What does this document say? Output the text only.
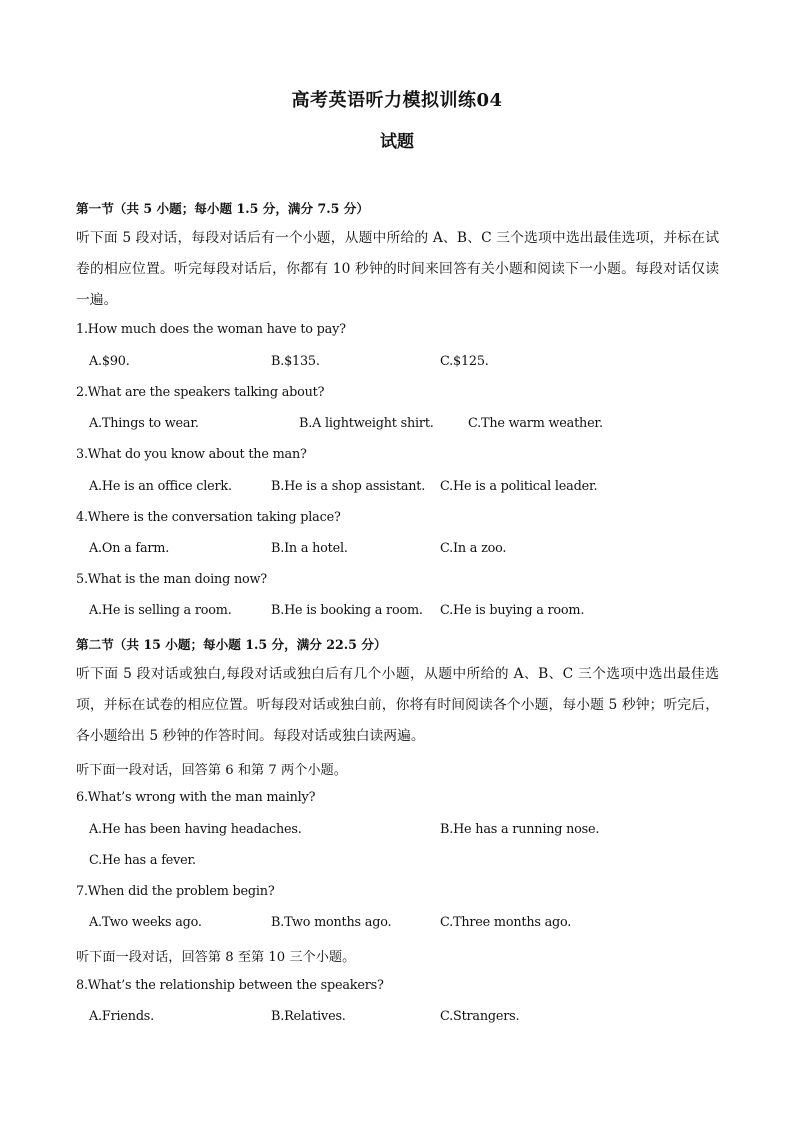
高考英语听力模拟训练04
试题
第一节（共 5 小题；每小题 1.5 分，满分 7.5 分）
听下面 5 段对话，每段对话后有一个小题，从题中所给的 A、B、C 三个选项中选出最佳选项，并标在试卷的相应位置。听完每段对话后，你都有 10 秒钟的时间来回答有关小题和阅读下一小题。每段对话仅读一遍。
1.How much does the woman have to pay?
A.$90.	B.$135.	C.$125.
2.What are the speakers talking about?
A.Things to wear.	B.A lightweight shirt.	C.The warm weather.
3.What do you know about the man?
A.He is an office clerk.	B.He is a shop assistant. C.He is a political leader.
4.Where is the conversation taking place?
A.On a farm.	B.In a hotel.	C.In a zoo.
5.What is the man doing now?
A.He is selling a room.	B.He is booking a room. C.He is buying a room.
第二节（共 15 小题；每小题 1.5 分，满分 22.5 分）
听下面 5 段对话或独白,每段对话或独白后有几个小题，从题中所给的 A、B、C 三个选项中选出最佳选项，并标在试卷的相应位置。听每段对话或独白前，你将有时间阅读各个小题，每小题 5 秒钟；听完后，各小题给出 5 秒钟的作答时间。每段对话或独白读两遍。
听下面一段对话，回答第 6 和第 7 两个小题。
6.What’s wrong with the man mainly?
A.He has been having headaches.	B.He has a running nose.
C.He has a fever.
7.When did the problem begin?
A.Two weeks ago.	B.Two months ago.	C.Three months ago.
听下面一段对话，回答第 8 至第 10 三个小题。
8.What’s the relationship between the speakers?
A.Friends.	B.Relatives.	C.Strangers.
